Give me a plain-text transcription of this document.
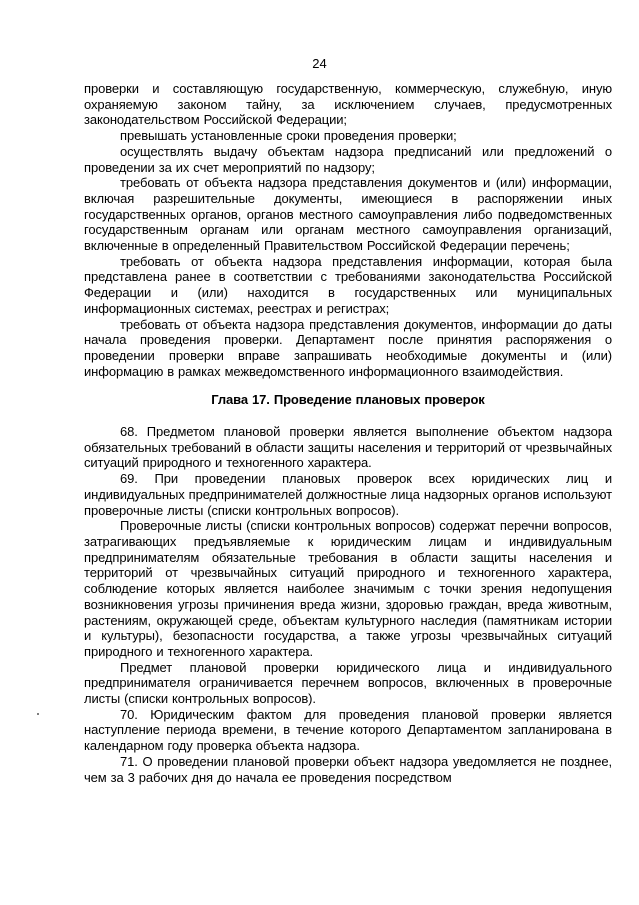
24

проверки и составляющую государственную, коммерческую, служебную, иную охраняемую законом тайну, за исключением случаев, предусмотренных законодательством Российской Федерации;

превышать установленные сроки проведения проверки;

осуществлять выдачу объектам надзора предписаний или предложений о проведении за их счет мероприятий по надзору;

требовать от объекта надзора представления документов и (или) информации, включая разрешительные документы, имеющиеся в распоряжении иных государственных органов, органов местного самоуправления либо подведомственных государственным органам или органам местного самоуправления организаций, включенные в определенный Правительством Российской Федерации перечень;

требовать от объекта надзора представления информации, которая была представлена ранее в соответствии с требованиями законодательства Российской Федерации и (или) находится в государственных или муниципальных информационных системах, реестрах и регистрах;

требовать от объекта надзора представления документов, информации до даты начала проведения проверки. Департамент после принятия распоряжения о проведении проверки вправе запрашивать необходимые документы и (или) информацию в рамках межведомственного информационного взаимодействия.

Глава 17. Проведение плановых проверок

68. Предметом плановой проверки является выполнение объектом надзора обязательных требований в области защиты населения и территорий от чрезвычайных ситуаций природного и техногенного характера.

69. При проведении плановых проверок всех юридических лиц и индивидуальных предпринимателей должностные лица надзорных органов используют проверочные листы (списки контрольных вопросов).

Проверочные листы (списки контрольных вопросов) содержат перечни вопросов, затрагивающих предъявляемые к юридическим лицам и индивидуальным предпринимателям обязательные требования в области защиты населения и территорий от чрезвычайных ситуаций природного и техногенного характера, соблюдение которых является наиболее значимым с точки зрения недопущения возникновения угрозы причинения вреда жизни, здоровью граждан, вреда животным, растениям, окружающей среде, объектам культурного наследия (памятникам истории и культуры), безопасности государства, а также угрозы чрезвычайных ситуаций природного и техногенного характера.

Предмет плановой проверки юридического лица и индивидуального предпринимателя ограничивается перечнем вопросов, включенных в проверочные листы (списки контрольных вопросов).

70. Юридическим фактом для проведения плановой проверки является наступление периода времени, в течение которого Департаментом запланирована в календарном году проверка объекта надзора.

71. О проведении плановой проверки объект надзора уведомляется не позднее, чем за 3 рабочих дня до начала ее проведения посредством
